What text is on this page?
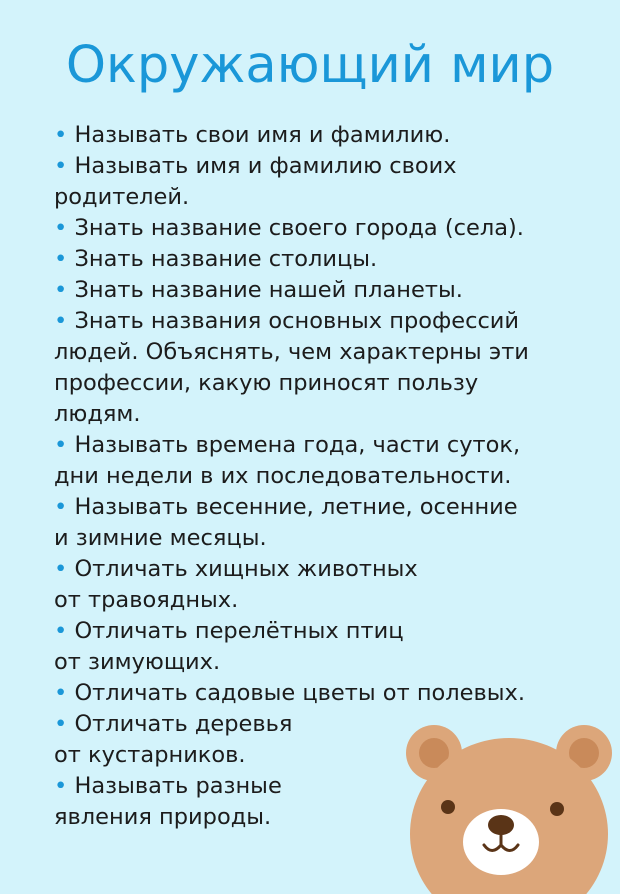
Окружающий мир
• Называть свои имя и фамилию.
• Называть имя и фамилию своих
родителей.
• Знать название своего города (села).
• Знать название столицы.
• Знать название нашей планеты.
• Знать названия основных профессий
людей. Объяснять, чем характерны эти
профессии, какую приносят пользу
людям.
• Называть времена года, части суток,
дни недели в их последовательности.
• Называть весенние, летние, осенние
и зимние месяцы.
• Отличать хищных животных
от травоядных.
• Отличать перелётных птиц
от зимующих.
• Отличать садовые цветы от полевых.
• Отличать деревья
от кустарников.
• Называть разные
явления природы.
